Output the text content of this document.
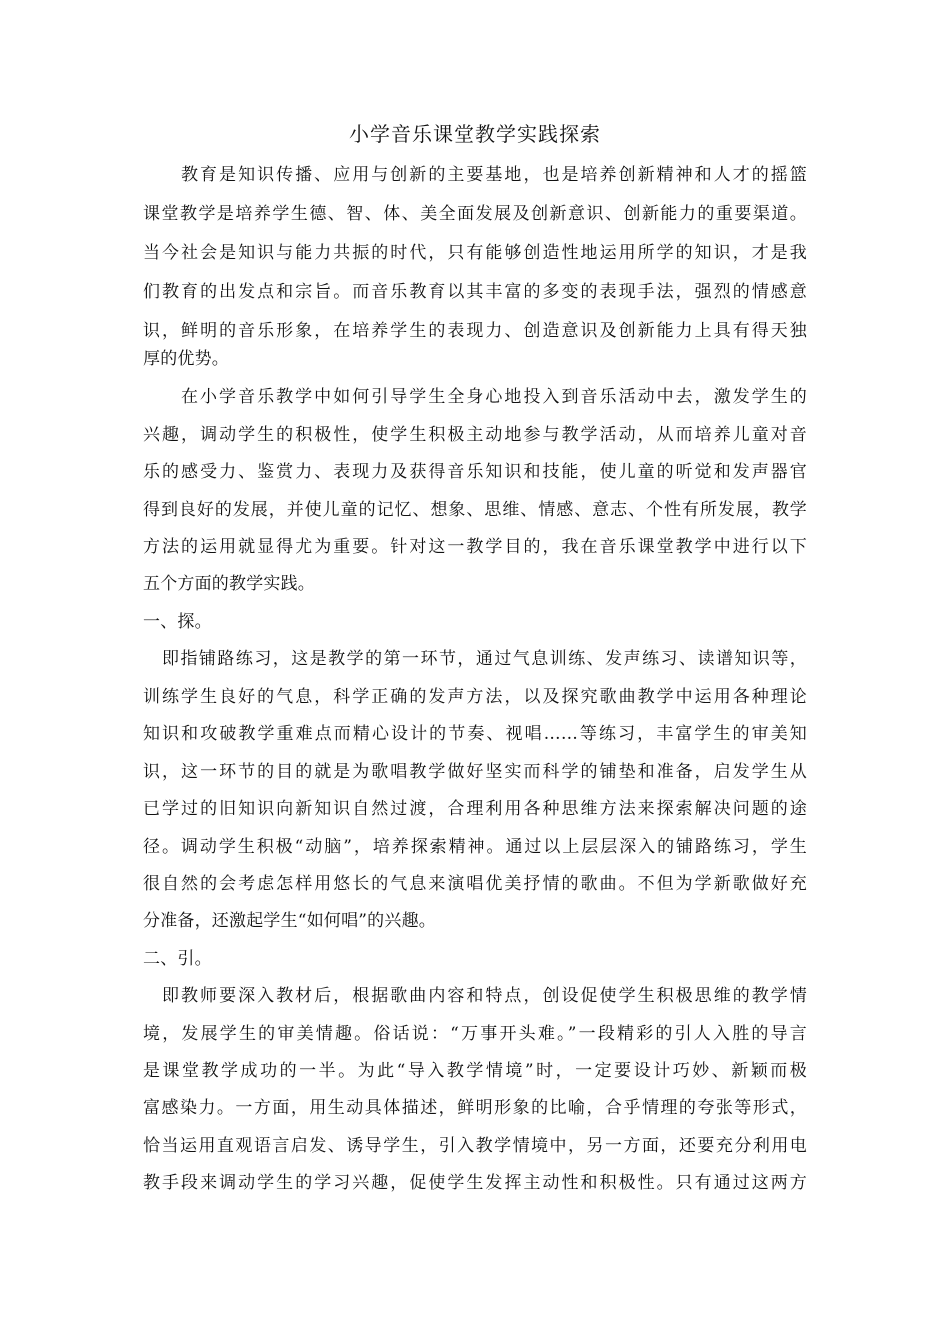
小学音乐课堂教学实践探索
教育是知识传播、应用与创新的主要基地，也是培养创新精神和人才的摇篮
课堂教学是培养学生德、智、体、美全面发展及创新意识、创新能力的重要渠道。
当今社会是知识与能力共振的时代，只有能够创造性地运用所学的知识，才是我
们教育的出发点和宗旨。而音乐教育以其丰富的多变的表现手法，强烈的情感意
识，鲜明的音乐形象，在培养学生的表现力、创造意识及创新能力上具有得天独
厚的优势。
在小学音乐教学中如何引导学生全身心地投入到音乐活动中去，激发学生的
兴趣，调动学生的积极性，使学生积极主动地参与教学活动，从而培养儿童对音
乐的感受力、鉴赏力、表现力及获得音乐知识和技能，使儿童的听觉和发声器官
得到良好的发展，并使儿童的记忆、想象、思维、情感、意志、个性有所发展，教学
方法的运用就显得尤为重要。针对这一教学目的，我在音乐课堂教学中进行以下
五个方面的教学实践。
一、探。
即指铺路练习，这是教学的第一环节，通过气息训练、发声练习、读谱知识等，
训练学生良好的气息，科学正确的发声方法，以及探究歌曲教学中运用各种理论
知识和攻破教学重难点而精心设计的节奏、视唱……等练习，丰富学生的审美知
识，这一环节的目的就是为歌唱教学做好坚实而科学的铺垫和准备，启发学生从
已学过的旧知识向新知识自然过渡，合理利用各种思维方法来探索解决问题的途
径。调动学生积极“动脑”，培养探索精神。通过以上层层深入的铺路练习，学生
很自然的会考虑怎样用悠长的气息来演唱优美抒情的歌曲。不但为学新歌做好充
分准备，还激起学生“如何唱”的兴趣。
二、引。
即教师要深入教材后，根据歌曲内容和特点，创设促使学生积极思维的教学情
境，发展学生的审美情趣。俗话说：“万事开头难。”一段精彩的引人入胜的导言
是课堂教学成功的一半。为此“导入教学情境”时，一定要设计巧妙、新颖而极
富感染力。一方面，用生动具体描述，鲜明形象的比喻，合乎情理的夸张等形式，
恰当运用直观语言启发、诱导学生，引入教学情境中，另一方面，还要充分利用电
教手段来调动学生的学习兴趣，促使学生发挥主动性和积极性。只有通过这两方
